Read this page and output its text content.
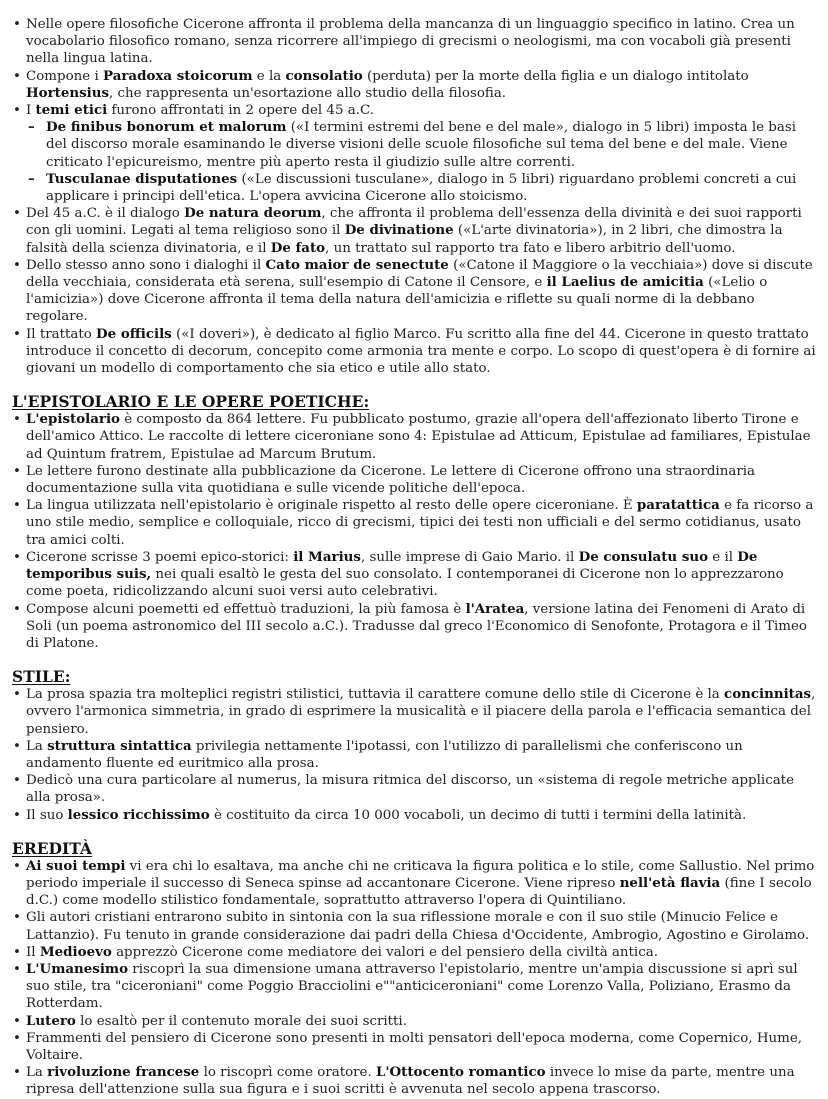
• Nelle opere filosofiche Cicerone affronta il problema della mancanza di un linguaggio specifico in latino. Crea un vocabolario filosofico romano, senza ricorrere all'impiego di grecismi o neologismi, ma con vocaboli già presenti nella lingua latina.
• Compone i Paradoxa stoicorum e la consolatio (perduta) per la morte della figlia e un dialogo intitolato Hortensius, che rappresenta un'esortazione allo studio della filosofia.
• I temi etici furono affrontati in 2 opere del 45 a.C.
– De finibus bonorum et malorum («I termini estremi del bene e del male», dialogo in 5 libri) imposta le basi del discorso morale esaminando le diverse visioni delle scuole filosofiche sul tema del bene e del male. Viene criticato l'epicureismo, mentre più aperto resta il giudizio sulle altre correnti.
– Tusculanae disputationes («Le discussioni tusculane», dialogo in 5 libri) riguardano problemi concreti a cui applicare i principi dell'etica. L'opera avvicina Cicerone allo stoicismo.
• Del 45 a.C. è il dialogo De natura deorum, che affronta il problema dell'essenza della divinità e dei suoi rapporti con gli uomini. Legati al tema religioso sono il De divinatione («L'arte divinatoria»), in 2 libri, che dimostra la falsità della scienza divinatoria, e il De fato, un trattato sul rapporto tra fato e libero arbitrio dell'uomo.
• Dello stesso anno sono i dialoghi il Cato maior de senectute («Catone il Maggiore o la vecchiaia») dove si discute della vecchiaia, considerata età serena, sull'esempio di Catone il Censore, e il Laelius de amicitia («Lelio o l'amicizia») dove Cicerone affronta il tema della natura dell'amicizia e riflette su quali norme di la debbano regolare.
• Il trattato De officils («I doveri»), è dedicato al figlio Marco. Fu scritto alla fine del 44. Cicerone in questo trattato introduce il concetto di decorum, concepito come armonia tra mente e corpo. Lo scopo di quest'opera è di fornire ai giovani un modello di comportamento che sia etico e utile allo stato.
L'EPISTOLARIO E LE OPERE POETICHE:
• L'epistolario è composto da 864 lettere. Fu pubblicato postumo, grazie all'opera dell'affezionato liberto Tirone e dell'amico Attico. Le raccolte di lettere ciceroniane sono 4: Epistulae ad Atticum, Epistulae ad familiares, Epistulae ad Quintum fratrem, Epistulae ad Marcum Brutum.
• Le lettere furono destinate alla pubblicazione da Cicerone. Le lettere di Cicerone offrono una straordinaria documentazione sulla vita quotidiana e sulle vicende politiche dell'epoca.
• La lingua utilizzata nell'epistolario è originale rispetto al resto delle opere ciceroniane. È paratattica e fa ricorso a uno stile medio, semplice e colloquiale, ricco di grecismi, tipici dei testi non ufficiali e del sermo cotidianus, usato tra amici colti.
• Cicerone scrisse 3 poemi epico-storici: il Marius, sulle imprese di Gaio Mario. il De consulatu suo e il De temporibus suis, nei quali esaltò le gesta del suo consolato. I contemporanei di Cicerone non lo apprezzarono come poeta, ridicolizzando alcuni suoi versi auto celebrativi.
• Compose alcuni poemetti ed effettuò traduzioni, la più famosa è l'Aratea, versione latina dei Fenomeni di Arato di Soli (un poema astronomico del III secolo a.C.). Tradusse dal greco l'Economico di Senofonte, Protagora e il Timeo di Platone.
STILE:
• La prosa spazia tra molteplici registri stilistici, tuttavia il carattere comune dello stile di Cicerone è la concinnitas, ovvero l'armonica simmetria, in grado di esprimere la musicalità e il piacere della parola e l'efficacia semantica del pensiero.
• La struttura sintattica privilegia nettamente l'ipotassi, con l'utilizzo di parallelismi che conferiscono un andamento fluente ed euritmico alla prosa.
• Dedicò una cura particolare al numerus, la misura ritmica del discorso, un «sistema di regole metriche applicate alla prosa».
• Il suo lessico ricchissimo è costituito da circa 10 000 vocaboli, un decimo di tutti i termini della latinità.
EREDITÀ
• Ai suoi tempi vi era chi lo esaltava, ma anche chi ne criticava la figura politica e lo stile, come Sallustio. Nel primo periodo imperiale il successo di Seneca spinse ad accantonare Cicerone. Viene ripreso nell'età flavia (fine I secolo d.C.) come modello stilistico fondamentale, soprattutto attraverso l'opera di Quintiliano.
• Gli autori cristiani entrarono subito in sintonia con la sua riflessione morale e con il suo stile (Minucio Felice e Lattanzio). Fu tenuto in grande considerazione dai padri della Chiesa d'Occidente, Ambrogio, Agostino e Girolamo.
• Il Medioevo apprezzò Cicerone come mediatore dei valori e del pensiero della civiltà antica.
• L'Umanesimo riscoprì la sua dimensione umana attraverso l'epistolario, mentre un'ampia discussione si aprì sul suo stile, tra "ciceroniani" come Poggio Bracciolini e""anticiceroniani" come Lorenzo Valla, Poliziano, Erasmo da Rotterdam.
• Lutero lo esaltò per il contenuto morale dei suoi scritti.
• Frammenti del pensiero di Cicerone sono presenti in molti pensatori dell'epoca moderna, come Copernico, Hume, Voltaire.
• La rivoluzione francese lo riscoprì come oratore. L'Ottocento romantico invece lo mise da parte, mentre una ripresa dell'attenzione sulla sua figura e i suoi scritti è avvenuta nel secolo appena trascorso.
